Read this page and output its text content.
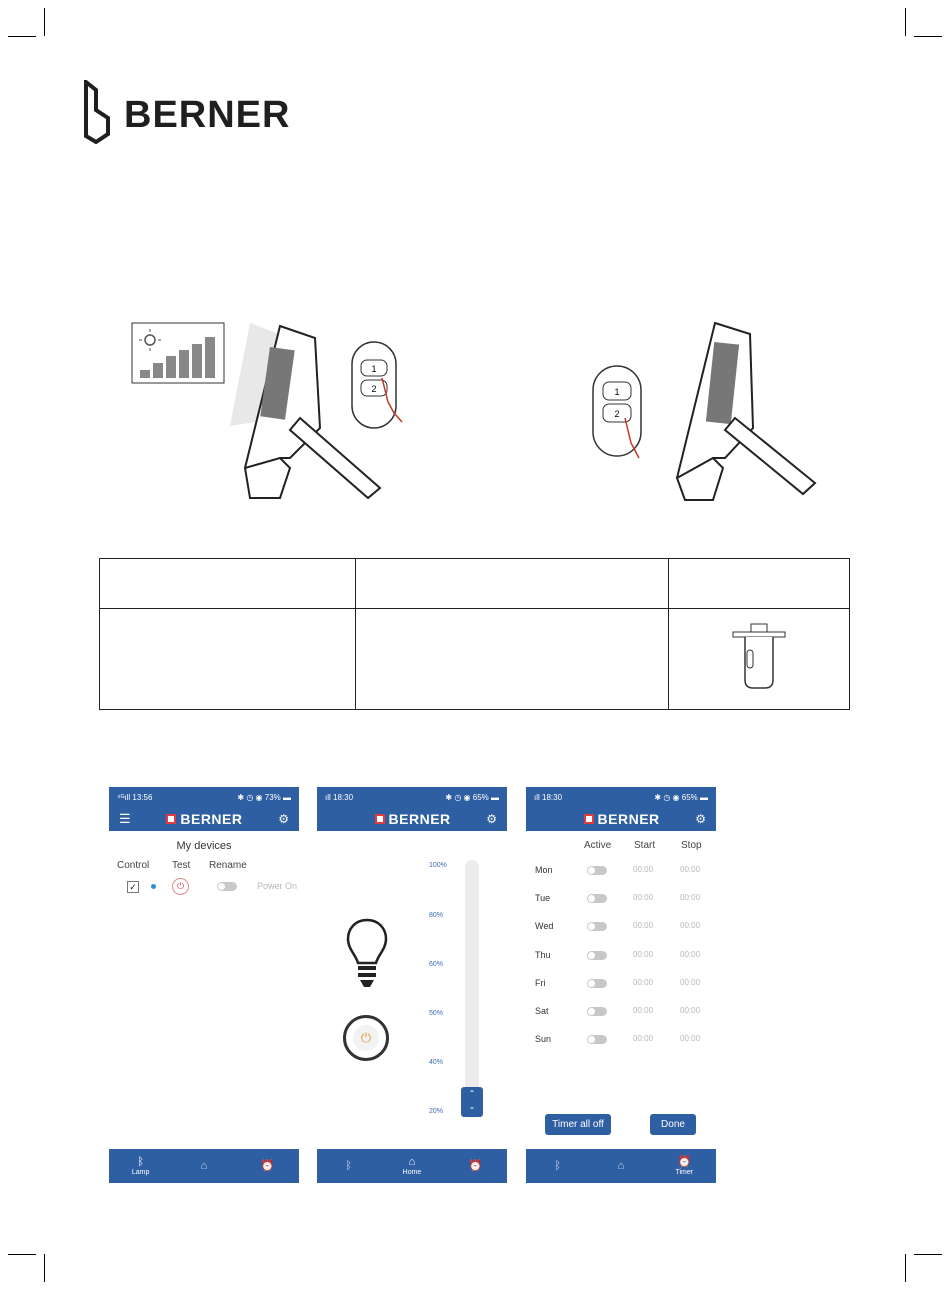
BERNER
1
2	1
2

⁴ᴳıll 13:56	✱ ◷ ◉ 73% ▬
☰	BERNER	⚙
My devices
Control Test Rename
✓	⏻	Power On
ᛒ
Lamp
⌂	⏰
ıll 18:30	✱ ◷ ◉ 65% ▬
BERNER	⚙
⏻
100%
80%
60%
50%
40%
20%
⌃
⌄
ᛒ	⌂
Home
⏰
ıll 18:30	✱ ◷ ◉ 65% ▬
BERNER	⚙
Active Start	Stop
Mon	00:00	00:00
Tue	00:00	00:00
Wed	00:00	00:00
Thu	00:00	00:00
Fri	00:00	00:00
Sat	00:00	00:00
Sun	00:00	00:00
Timer all off	Done
ᛒ	⌂	⏰
Timer
